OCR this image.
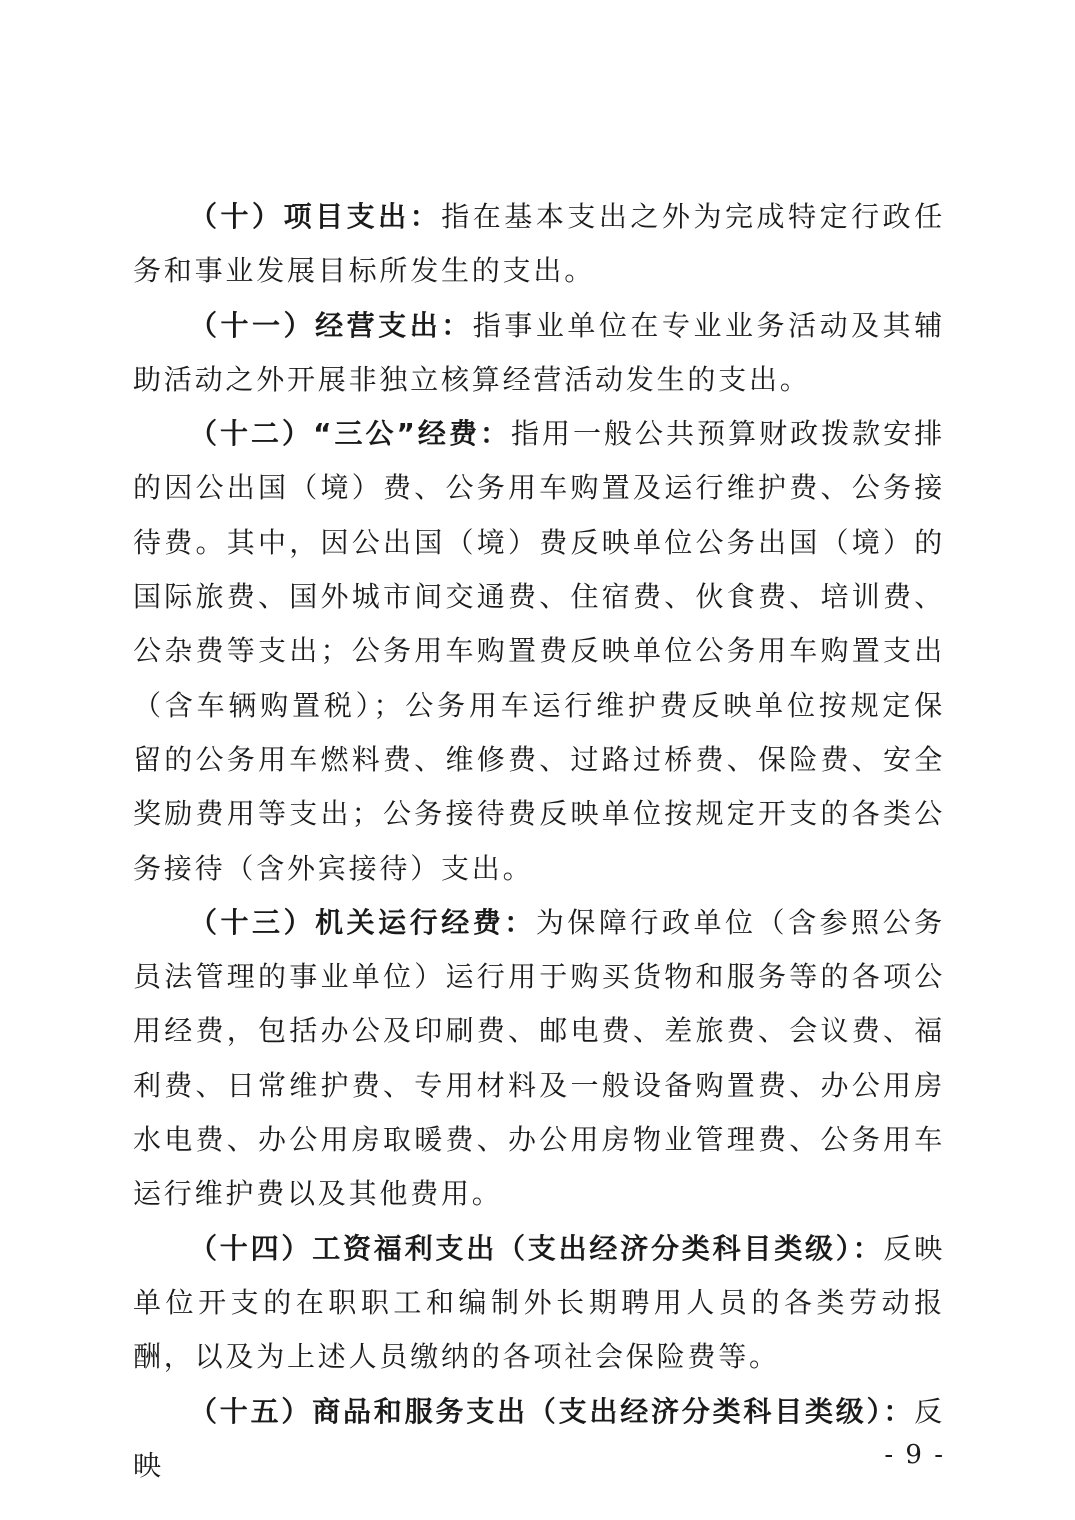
（十）项目支出：指在基本支出之外为完成特定行政任务和事业发展目标所发生的支出。

（十一）经营支出：指事业单位在专业业务活动及其辅助活动之外开展非独立核算经营活动发生的支出。

（十二）“三公”经费：指用一般公共预算财政拨款安排的因公出国（境）费、公务用车购置及运行维护费、公务接待费。其中，因公出国（境）费反映单位公务出国（境）的国际旅费、国外城市间交通费、住宿费、伙食费、培训费、公杂费等支出；公务用车购置费反映单位公务用车购置支出（含车辆购置税）；公务用车运行维护费反映单位按规定保留的公务用车燃料费、维修费、过路过桥费、保险费、安全奖励费用等支出；公务接待费反映单位按规定开支的各类公务接待（含外宾接待）支出。

（十三）机关运行经费：为保障行政单位（含参照公务员法管理的事业单位）运行用于购买货物和服务等的各项公用经费，包括办公及印刷费、邮电费、差旅费、会议费、福利费、日常维护费、专用材料及一般设备购置费、办公用房水电费、办公用房取暖费、办公用房物业管理费、公务用车运行维护费以及其他费用。

（十四）工资福利支出（支出经济分类科目类级）：反映单位开支的在职职工和编制外长期聘用人员的各类劳动报酬，以及为上述人员缴纳的各项社会保险费等。

（十五）商品和服务支出（支出经济分类科目类级）：反映	- 9 -
